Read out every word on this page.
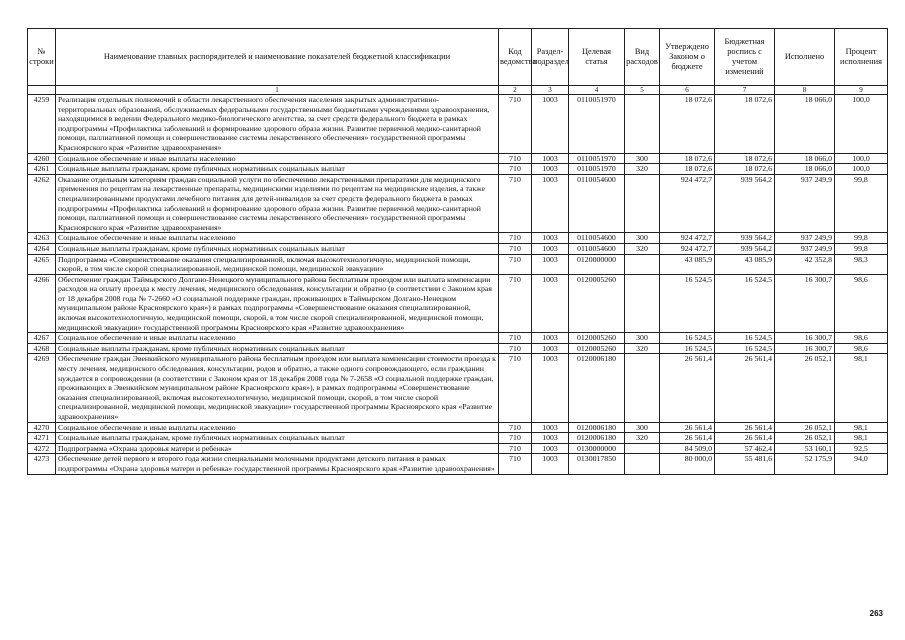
№ строки	Наименование главных распорядителей и наименование показателей бюджетной классификации	Код ведомства	Раздел-подраздел	Целевая статья	Вид расходов	Утверждено Законом о бюджете	Бюджетная роспись с учетом изменений	Исполнено	Процент исполнения
	1	2	3	4	5	6	7	8	9
4259	Реализация отдельных полномочий в области лекарственного обеспечения населения закрытых административно-территориальных образований, обслуживаемых федеральными государственными бюджетными учреждениями здравоохранения, находящимися в ведении Федерального медико-биологического агентства, за счет средств федерального бюджета в рамках подпрограммы «Профилактика заболеваний и формирование здорового образа жизни. Развитие первичной медико-санитарной помощи, паллиативной помощи и совершенствование системы лекарственного обеспечения» государственной программы Красноярского края «Развитие здравоохранения»	710	1003	0110051970		18 072,6	18 072,6	18 066,0	100,0
4260	Социальное обеспечение и иные выплаты населению	710	1003	0110051970	300	18 072,6	18 072,6	18 066,0	100,0
4261	Социальные выплаты гражданам, кроме публичных нормативных социальных выплат	710	1003	0110051970	320	18 072,6	18 072,6	18 066,0	100,0
4262	Оказание отдельным категориям граждан социальной услуги по обеспечению лекарственными препаратами для медицинского применения по рецептам на лекарственные препараты, медицинскими изделиями по рецептам на медицинские изделия, а также специализированными продуктами лечебного питания для детей-инвалидов за счет средств федерального бюджета в рамках подпрограммы «Профилактика заболеваний и формирование здорового образа жизни. Развитие первичной медико-санитарной помощи, паллиативной помощи и совершенствование системы лекарственного обеспечения» государственной программы Красноярского края «Развитие здравоохранения»	710	1003	0110054600		924 472,7	939 564,2	937 249,9	99,8
4263	Социальное обеспечение и иные выплаты населению	710	1003	0110054600	300	924 472,7	939 564,2	937 249,9	99,8
4264	Социальные выплаты гражданам, кроме публичных нормативных социальных выплат	710	1003	0110054600	320	924 472,7	939 564,2	937 249,9	99,8
4265	Подпрограмма «Совершенствование оказания специализированной, включая высокотехнологичную, медицинской помощи, скорой, в том числе скорой специализированной, медицинской помощи, медицинской эвакуации»	710	1003	0120000000		43 085,9	43 085,9	42 352,8	98,3
4266	Обеспечение граждан Таймырского Долгано-Ненецкого муниципального района бесплатным проездом или выплата компенсации расходов на оплату проезда к месту лечения, медицинского обследования, консультации и обратно (в соответствии с Законом края от 18 декабря 2008 года № 7-2660 «О социальной поддержке граждан, проживающих в Таймырском Долгано-Ненецком муниципальном районе Красноярского края») в рамках подпрограммы «Совершенствование оказания специализированной, включая высокотехнологичную, медицинской помощи, скорой, в том числе скорой специализированной, медицинской помощи, медицинской эвакуации» государственной программы Красноярского края «Развитие здравоохранения»	710	1003	0120005260		16 524,5	16 524,5	16 300,7	98,6
4267	Социальное обеспечение и иные выплаты населению	710	1003	0120005260	300	16 524,5	16 524,5	16 300,7	98,6
4268	Социальные выплаты гражданам, кроме публичных нормативных социальных выплат	710	1003	0120005260	320	16 524,5	16 524,5	16 300,7	98,6
4269	Обеспечение граждан Эвенкийского муниципального района бесплатным проездом или выплата компенсации стоимости проезда к месту лечения, медицинского обследования, консультации, родов и обратно, а также одного сопровождающего, если гражданин нуждается в сопровождении (в соответствии с Законом края от 18 декабря 2008 года № 7-2658 «О социальной поддержке граждан, проживающих в Эвенкийском муниципальном районе Красноярского края»), в рамках подпрограммы «Совершенствование оказания специализированной, включая высокотехнологичную, медицинской помощи, скорой, в том числе скорой специализированной, медицинской помощи, медицинской эвакуации» государственной программы Красноярского края «Развитие здравоохранения»	710	1003	0120006180		26 561,4	26 561,4	26 052,1	98,1
4270	Социальное обеспечение и иные выплаты населению	710	1003	0120006180	300	26 561,4	26 561,4	26 052,1	98,1
4271	Социальные выплаты гражданам, кроме публичных нормативных социальных выплат	710	1003	0120006180	320	26 561,4	26 561,4	26 052,1	98,1
4272	Подпрограмма «Охрана здоровья матери и ребенка»	710	1003	0130000000		84 509,0	57 462,4	53 160,1	92,5
4273	Обеспечение детей первого и второго года жизни специальными молочными продуктами детского питания в рамках подпрограммы «Охрана здоровья матери и ребенка» государственной программы Красноярского края «Развитие здравоохранения»	710	1003	0130017850		80 000,0	55 481,6	52 175,9	94,0
263
